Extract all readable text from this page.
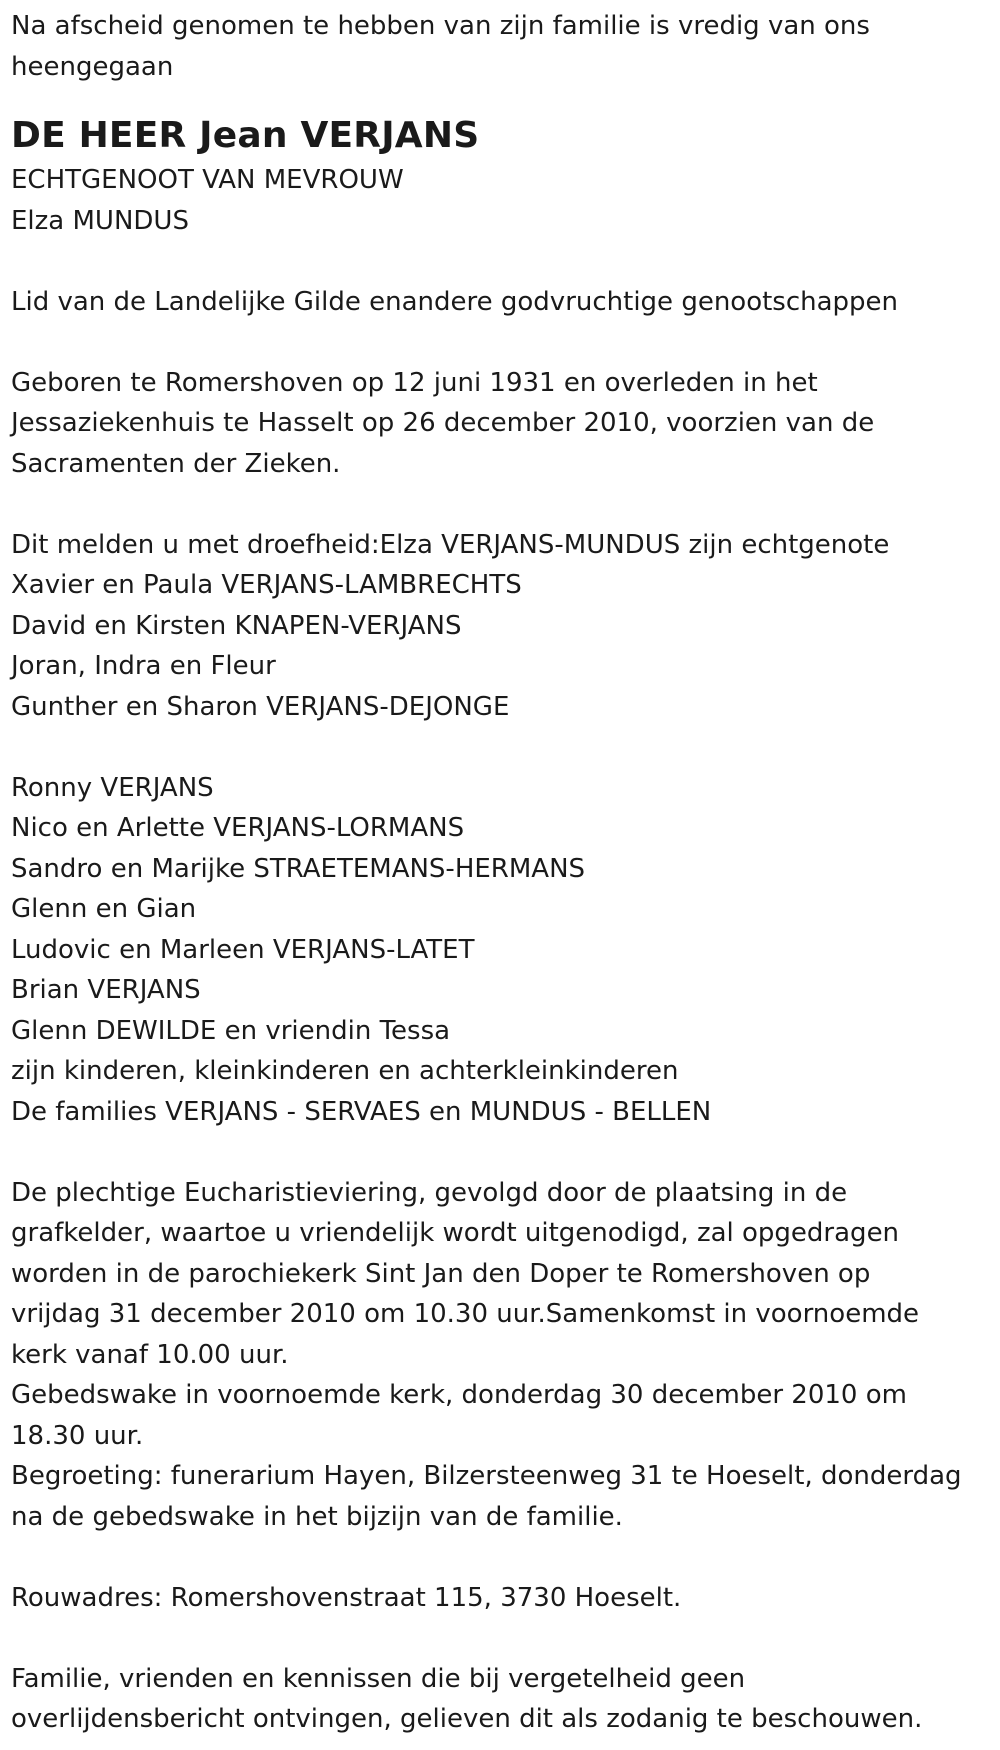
Na afscheid genomen te hebben van zijn familie is vredig van ons heengegaan
DE HEER Jean VERJANS
ECHTGENOOT VAN MEVROUW
Elza MUNDUS
Lid van de Landelijke Gilde enandere godvruchtige genootschappen
Geboren te Romershoven op 12 juni 1931 en overleden in het
Jessaziekenhuis te Hasselt op 26 december 2010, voorzien van de
Sacramenten der Zieken.
Dit melden u met droefheid:Elza VERJANS-MUNDUS zijn echtgenote
Xavier en Paula VERJANS-LAMBRECHTS
David en Kirsten KNAPEN-VERJANS
Joran, Indra en Fleur
Gunther en Sharon VERJANS-DEJONGE
Ronny VERJANS
Nico en Arlette VERJANS-LORMANS
Sandro en Marijke STRAETEMANS-HERMANS
Glenn en Gian
Ludovic en Marleen VERJANS-LATET
Brian VERJANS
Glenn DEWILDE en vriendin Tessa
zijn kinderen, kleinkinderen en achterkleinkinderen
De families VERJANS - SERVAES en MUNDUS - BELLEN
De plechtige Eucharistieviering, gevolgd door de plaatsing in de
grafkelder, waartoe u vriendelijk wordt uitgenodigd, zal opgedragen
worden in de parochiekerk Sint Jan den Doper te Romershoven op
vrijdag 31 december 2010 om 10.30 uur.Samenkomst in voornoemde
kerk vanaf 10.00 uur.
Gebedswake in voornoemde kerk, donderdag 30 december 2010 om
18.30 uur.
Begroeting: funerarium Hayen, Bilzersteenweg 31 te Hoeselt, donderdag
na de gebedswake in het bijzijn van de familie.
Rouwadres: Romershovenstraat 115, 3730 Hoeselt.
Familie, vrienden en kennissen die bij vergetelheid geen
overlijdensbericht ontvingen, gelieven dit als zodanig te beschouwen.
